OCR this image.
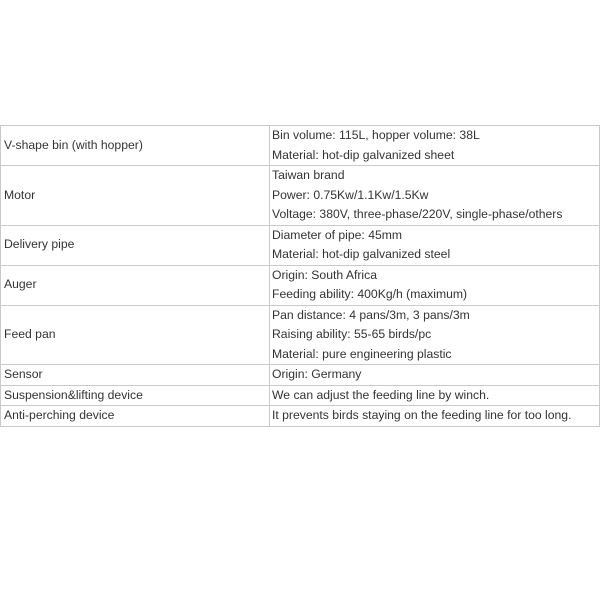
V-shape bin (with hopper)	Bin volume: 115L, hopper volume: 38L
Material: hot-dip galvanized sheet

Motor	Taiwan brand
Power: 0.75Kw/1.1Kw/1.5Kw
Voltage: 380V, three-phase/220V, single-phase/others

Delivery pipe	Diameter of pipe: 45mm
Material: hot-dip galvanized steel

Auger	Origin: South Africa
Feeding ability: 400Kg/h (maximum)

Feed pan	Pan distance: 4 pans/3m, 3 pans/3m
Raising ability: 55-65 birds/pc
Material: pure engineering plastic

Sensor	Origin: Germany

Suspension&lifting device	We can adjust the feeding line by winch.

Anti-perching device	It prevents birds staying on the feeding line for too long.
